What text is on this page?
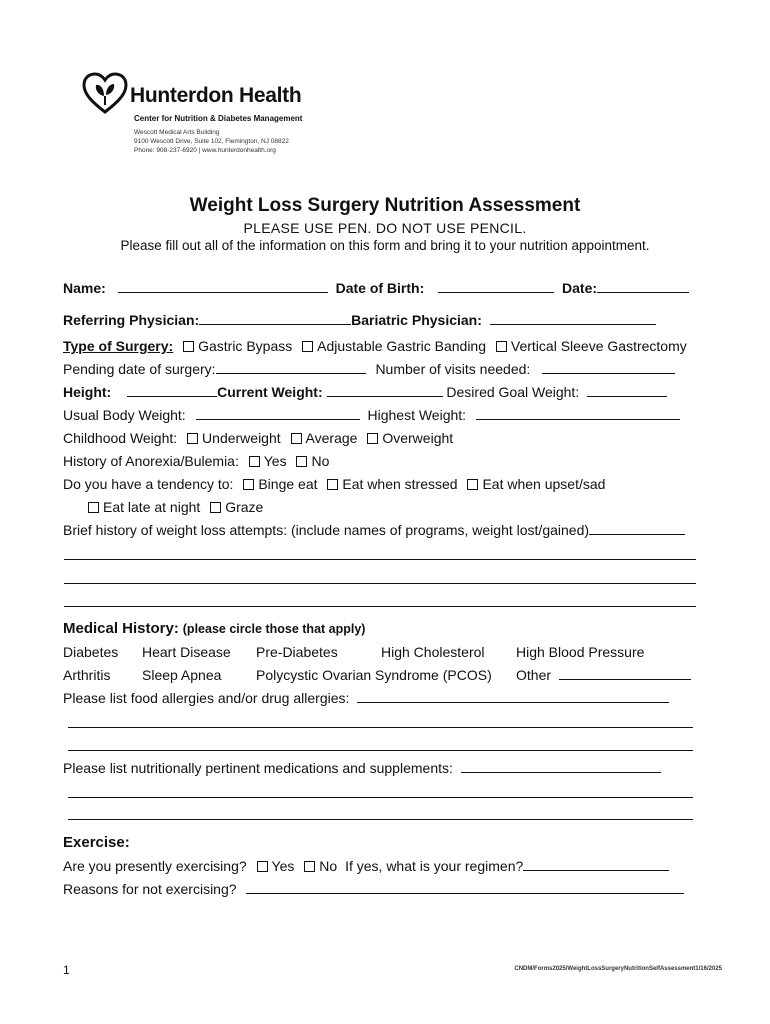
Hunterdon Health
Center for Nutrition & Diabetes Management
Wescott Medical Arts Building
9100 Wescott Drive, Suite 102, Flemington, NJ 08822
Phone: 908-237-6920 | www.hunterdonhealth.org
Weight Loss Surgery Nutrition Assessment
PLEASE USE PEN. DO NOT USE PENCIL.
Please fill out all of the information on this form and bring it to your nutrition appointment.
Name:	Date of Birth:	Date:
Referring Physician:	Bariatric Physician:
Type of Surgery: Gastric Bypass Adjustable Gastric Banding Vertical Sleeve Gastrectomy
Pending date of surgery:	Number of visits needed:
Height:	Current Weight:	Desired Goal Weight:
Usual Body Weight:	Highest Weight:
Childhood Weight: Underweight Average Overweight
History of Anorexia/Bulemia: Yes No
Do you have a tendency to: Binge eat Eat when stressed Eat when upset/sad
Eat late at night Graze
Brief history of weight loss attempts: (include names of programs, weight lost/gained)
Medical History: (please circle those that apply)
Diabetes Heart Disease Pre-Diabetes	High Cholesterol High Blood Pressure
Arthritis Sleep Apnea Polycystic Ovarian Syndrome (PCOS) Other
Please list food allergies and/or drug allergies:
Please list nutritionally pertinent medications and supplements:
Exercise:
Are you presently exercising? Yes No If yes, what is your regimen?
Reasons for not exercising?
1	CNDM/Forms2025/WeightLossSurgeryNutritionSelfAssessment1/16/2025
